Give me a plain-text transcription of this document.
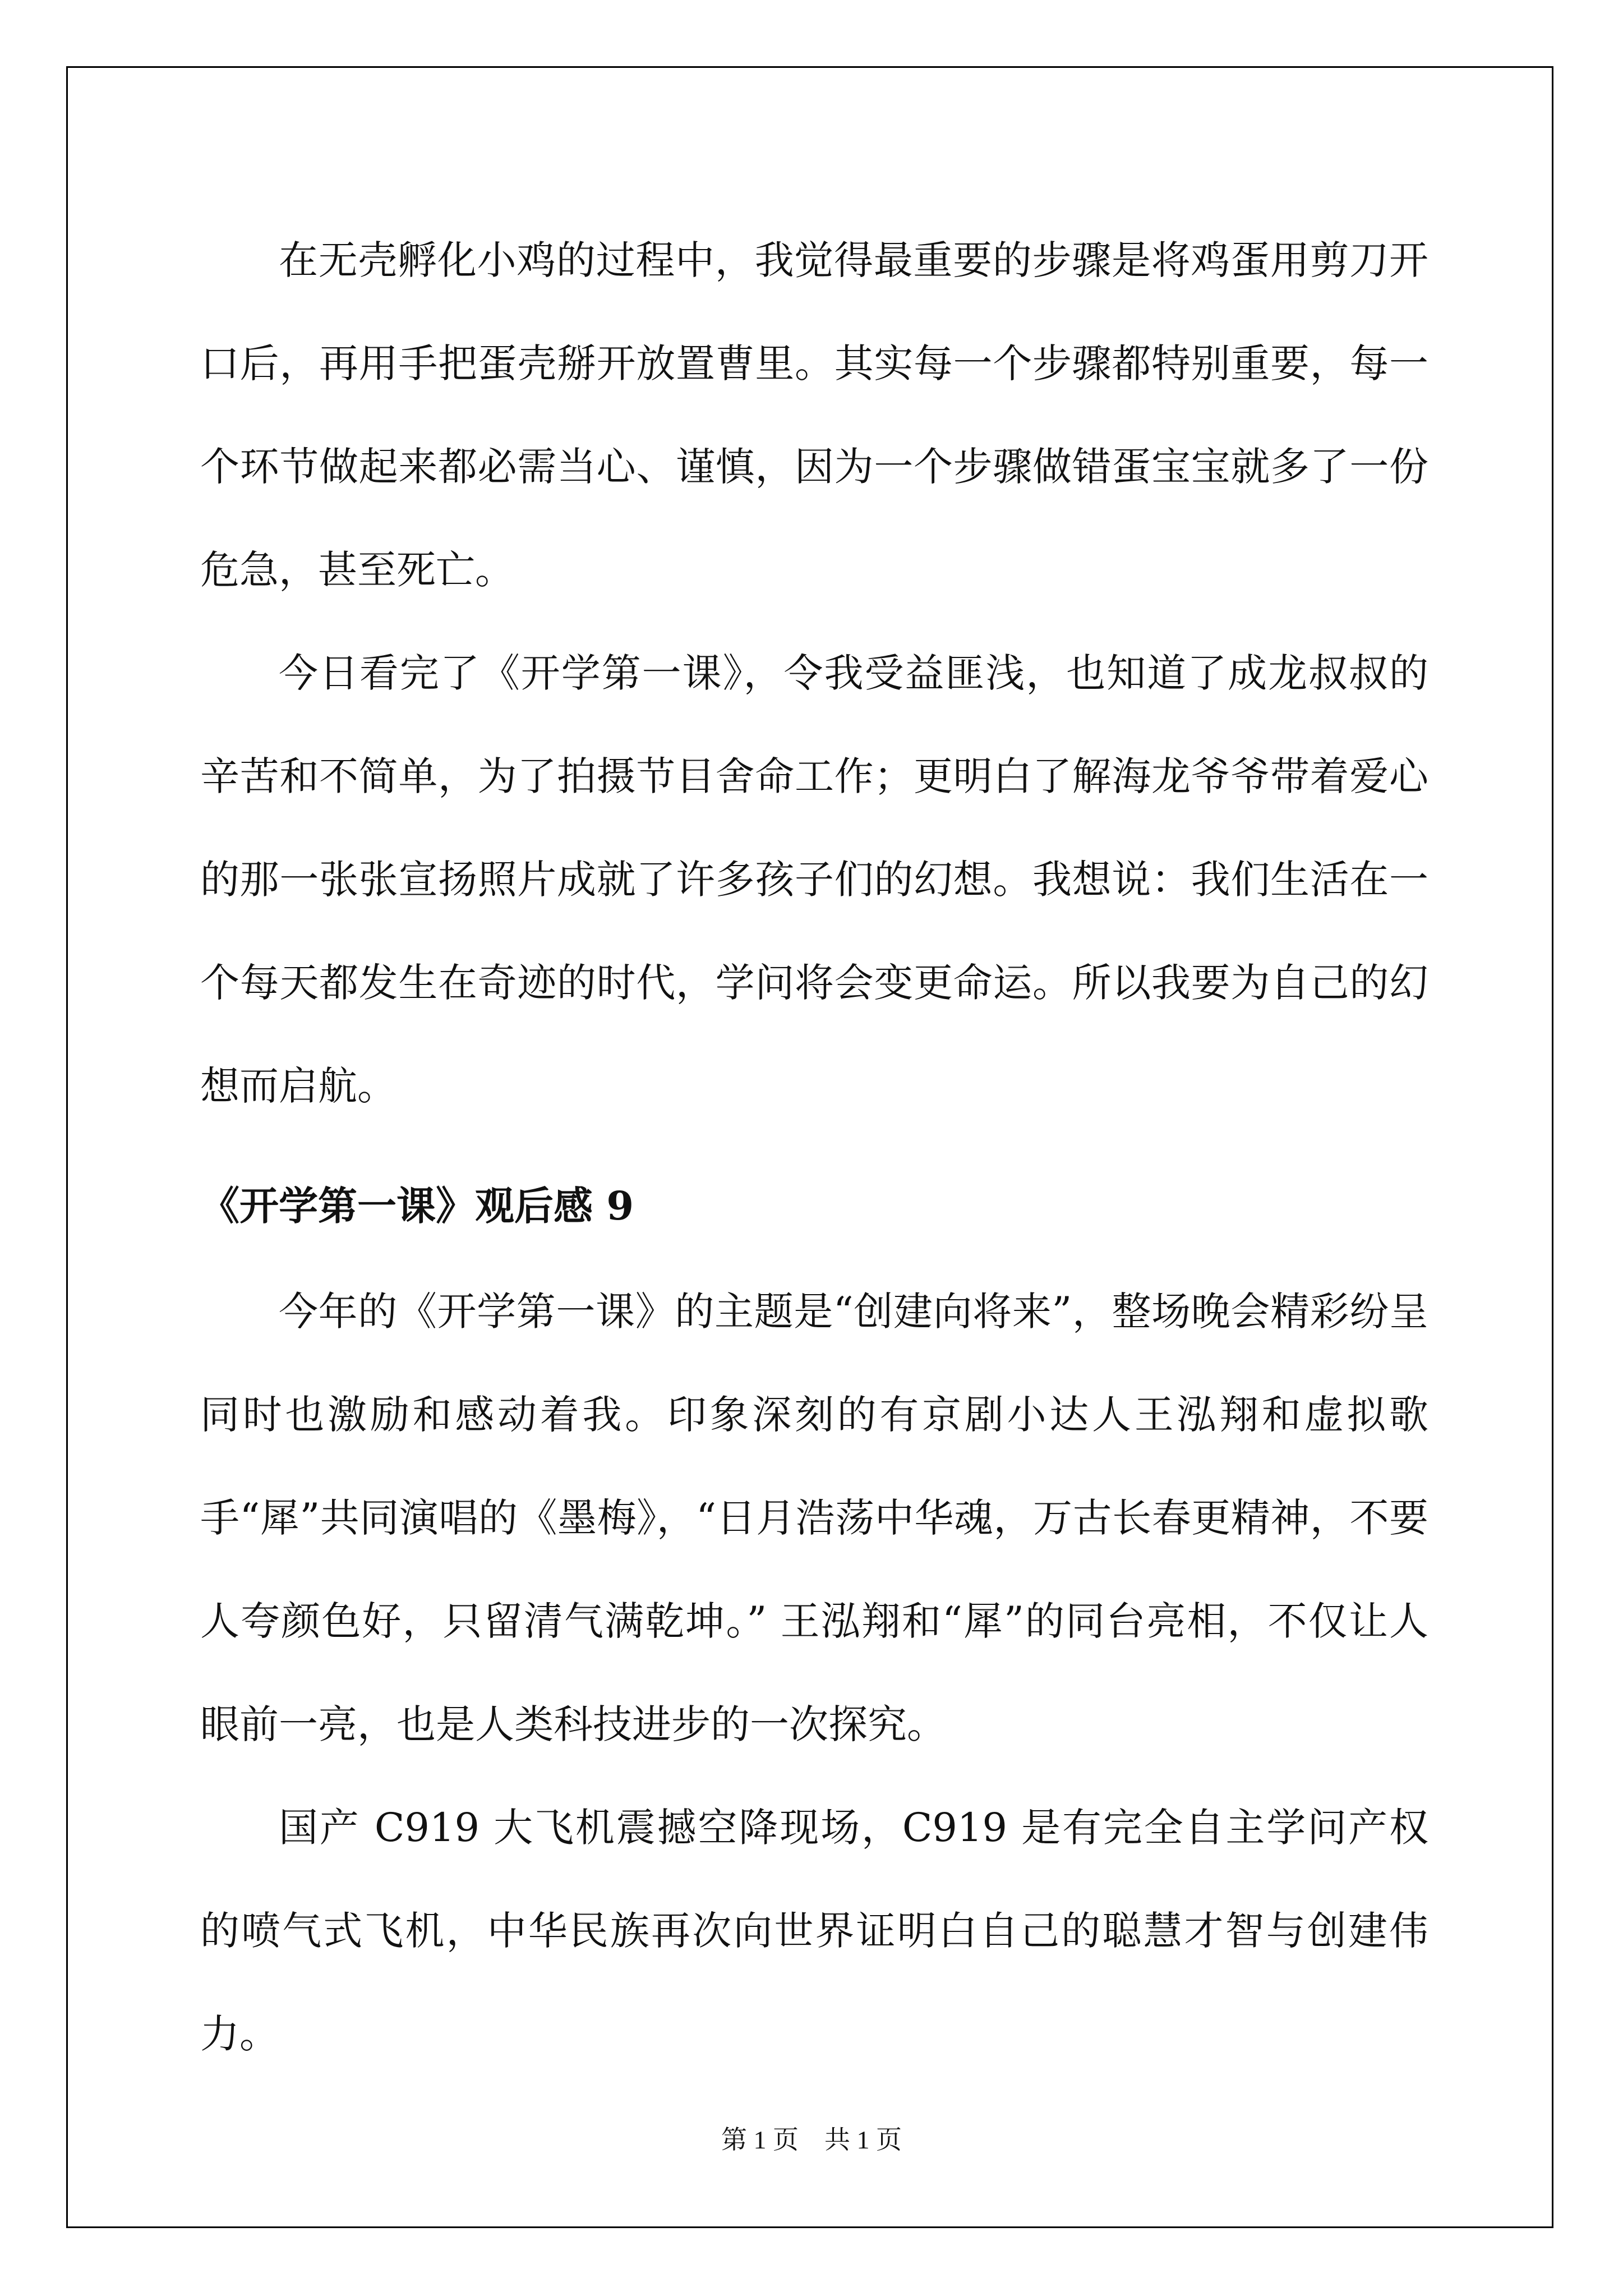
在无壳孵化小鸡的过程中，我觉得最重要的步骤是将鸡蛋用剪刀开口后，再用手把蛋壳掰开放置曹里。其实每一个步骤都特别重要，每一个环节做起来都必需当心、谨慎，因为一个步骤做错蛋宝宝就多了一份危急，甚至死亡。

今日看完了《开学第一课》，令我受益匪浅，也知道了成龙叔叔的辛苦和不简单，为了拍摄节目舍命工作；更明白了解海龙爷爷带着爱心的那一张张宣扬照片成就了许多孩子们的幻想。我想说：我们生活在一个每天都发生在奇迹的时代，学问将会变更命运。所以我要为自己的幻想而启航。

《开学第一课》观后感 9

今年的《开学第一课》的主题是“创建向将来”，整场晚会精彩纷呈同时也激励和感动着我。印象深刻的有京剧小达人王泓翔和虚拟歌手“犀”共同演唱的《墨梅》，“日月浩荡中华魂，万古长春更精神，不要人夸颜色好，只留清气满乾坤。” 王泓翔和“犀”的同台亮相，不仅让人眼前一亮，也是人类科技进步的一次探究。

国产 C919 大飞机震撼空降现场，C919 是有完全自主学问产权的喷气式飞机，中华民族再次向世界证明白自己的聪慧才智与创建伟力。

第 1 页　共 1 页
